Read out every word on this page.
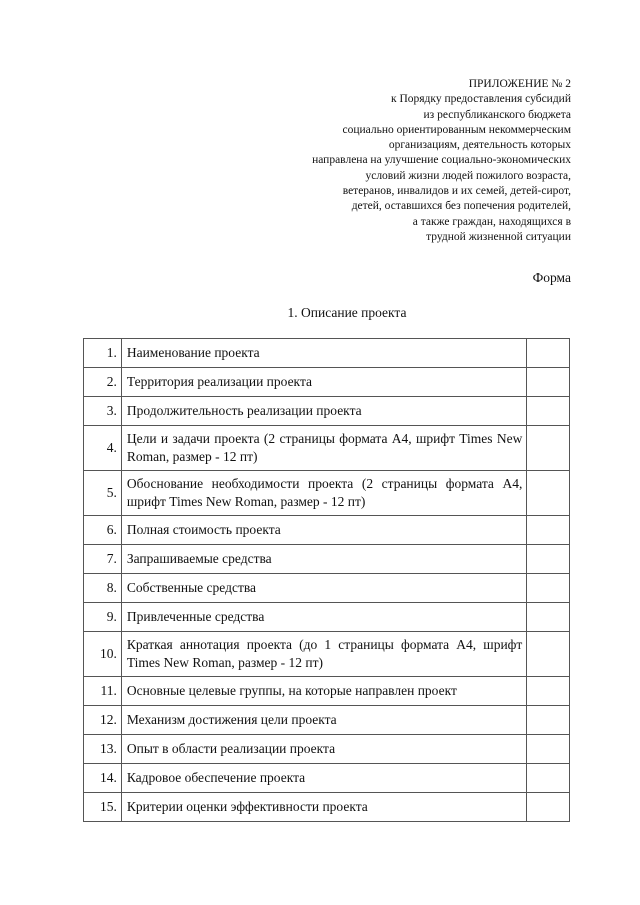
ПРИЛОЖЕНИЕ № 2
к Порядку предоставления субсидий
из республиканского бюджета
социально ориентированным некоммерческим
организациям, деятельность которых
направлена на улучшение социально-экономических
условий жизни людей пожилого возраста,
ветеранов, инвалидов и их семей, детей-сирот,
детей, оставшихся без попечения родителей,
а также граждан, находящихся в
трудной жизненной ситуации
Форма
1. Описание проекта
1.	Наименование проекта	
2.	Территория реализации проекта	
3.	Продолжительность реализации проекта	
4.	Цели и задачи проекта (2 страницы формата А4, шрифт Times New Roman, размер - 12 пт)	
5.	Обоснование необходимости проекта (2 страницы формата А4, шрифт Times New Roman, размер - 12 пт)	
6.	Полная стоимость проекта	
7.	Запрашиваемые средства	
8.	Собственные средства	
9.	Привлеченные средства	
10.	Краткая аннотация проекта (до 1 страницы формата А4, шрифт Times New Roman, размер - 12 пт)	
11.	Основные целевые группы, на которые направлен проект	
12.	Механизм достижения цели проекта	
13.	Опыт в области реализации проекта	
14.	Кадровое обеспечение проекта	
15.	Критерии оценки эффективности проекта	
